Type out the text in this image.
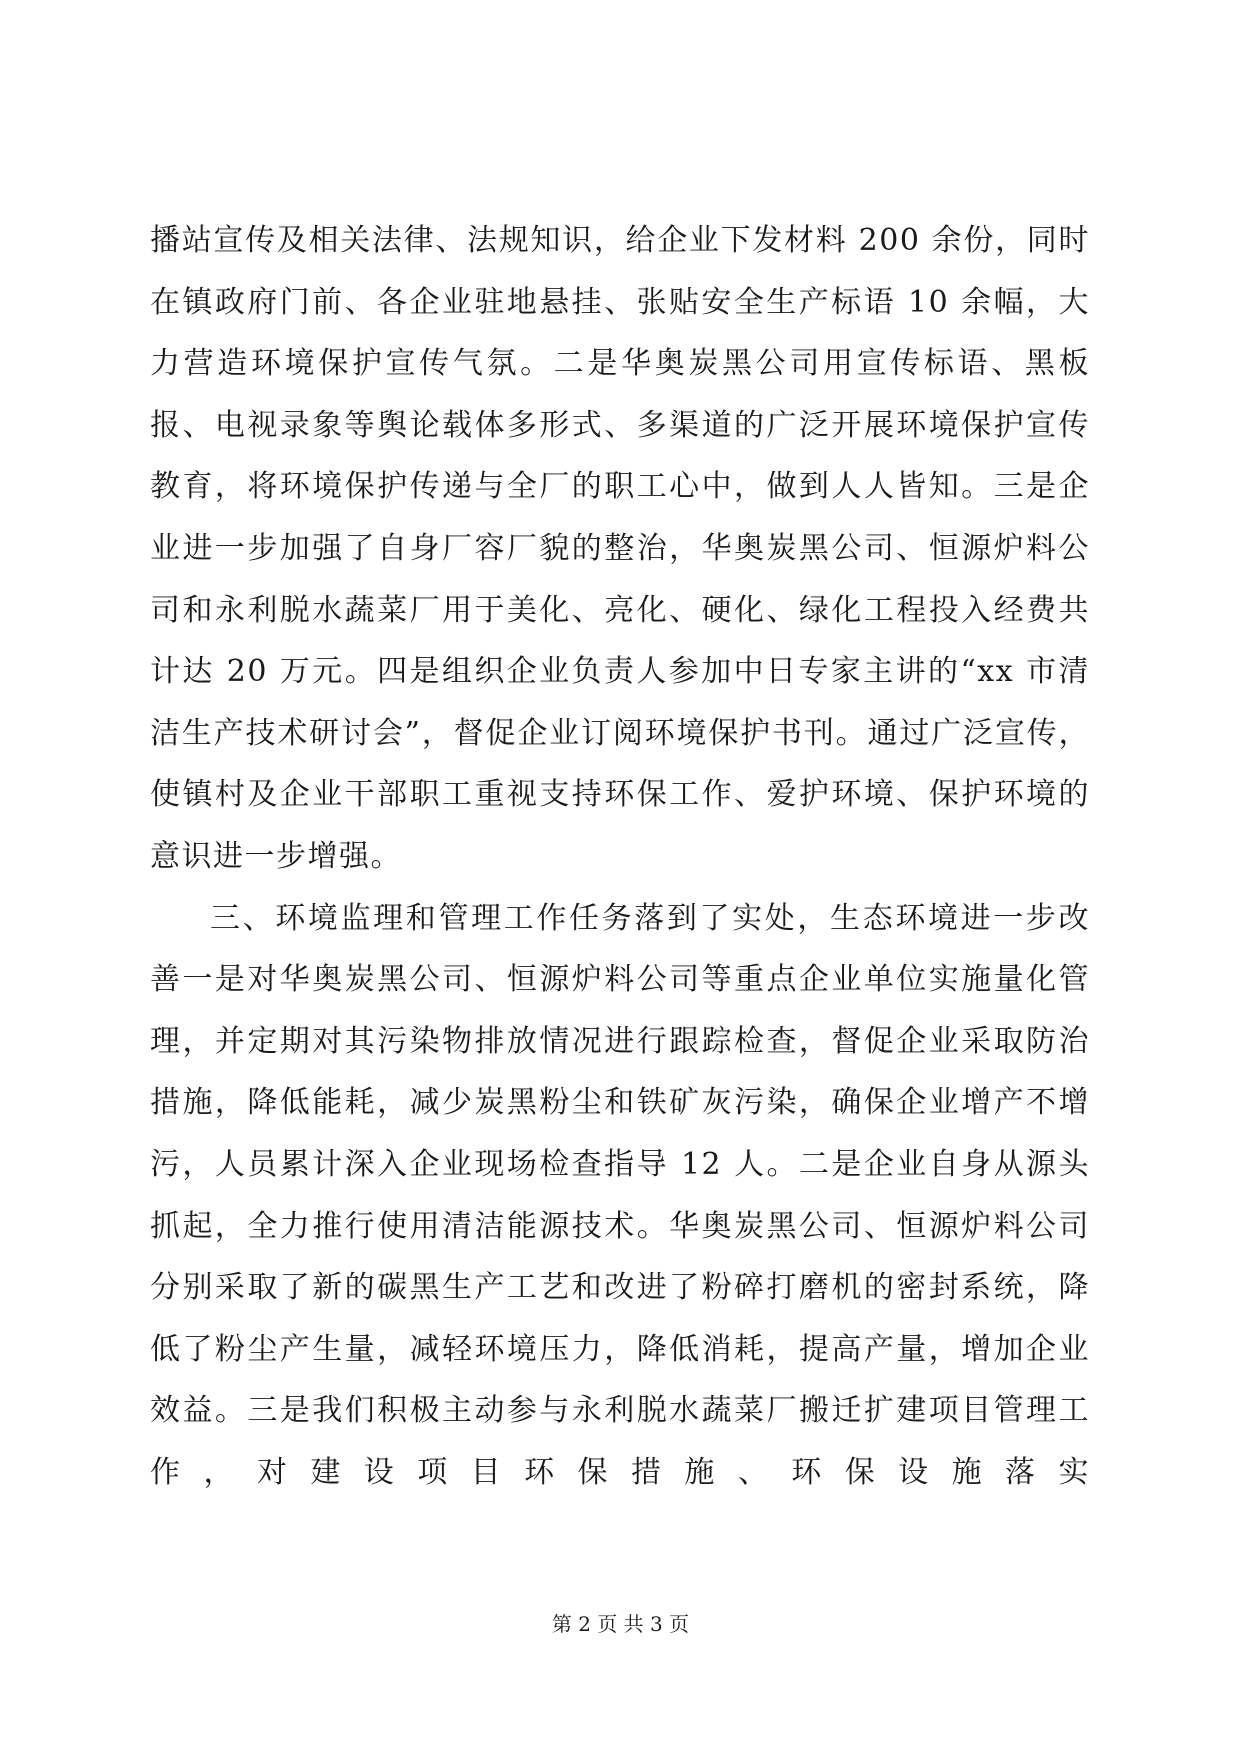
播站宣传及相关法律、法规知识，给企业下发材料 200 余份，同时在镇政府门前、各企业驻地悬挂、张贴安全生产标语 10 余幅，大力营造环境保护宣传气氛。二是华奥炭黑公司用宣传标语、黑板报、电视录象等舆论载体多形式、多渠道的广泛开展环境保护宣传教育，将环境保护传递与全厂的职工心中，做到人人皆知。三是企业进一步加强了自身厂容厂貌的整治，华奥炭黑公司、恒源炉料公司和永利脱水蔬菜厂用于美化、亮化、硬化、绿化工程投入经费共计达 20 万元。四是组织企业负责人参加中日专家主讲的“xx 市清洁生产技术研讨会”，督促企业订阅环境保护书刊。通过广泛宣传，使镇村及企业干部职工重视支持环保工作、爱护环境、保护环境的意识进一步增强。

三、环境监理和管理工作任务落到了实处，生态环境进一步改善一是对华奥炭黑公司、恒源炉料公司等重点企业单位实施量化管理，并定期对其污染物排放情况进行跟踪检查，督促企业采取防治措施，降低能耗，减少炭黑粉尘和铁矿灰污染，确保企业增产不增污，人员累计深入企业现场检查指导 12 人。二是企业自身从源头抓起，全力推行使用清洁能源技术。华奥炭黑公司、恒源炉料公司分别采取了新的碳黑生产工艺和改进了粉碎打磨机的密封系统，降低了粉尘产生量，减轻环境压力，降低消耗，提高产量，增加企业效益。三是我们积极主动参与永利脱水蔬菜厂搬迁扩建项目管理工作，对建设项目环保措施、环保设施落实

第 2 页 共 3 页
